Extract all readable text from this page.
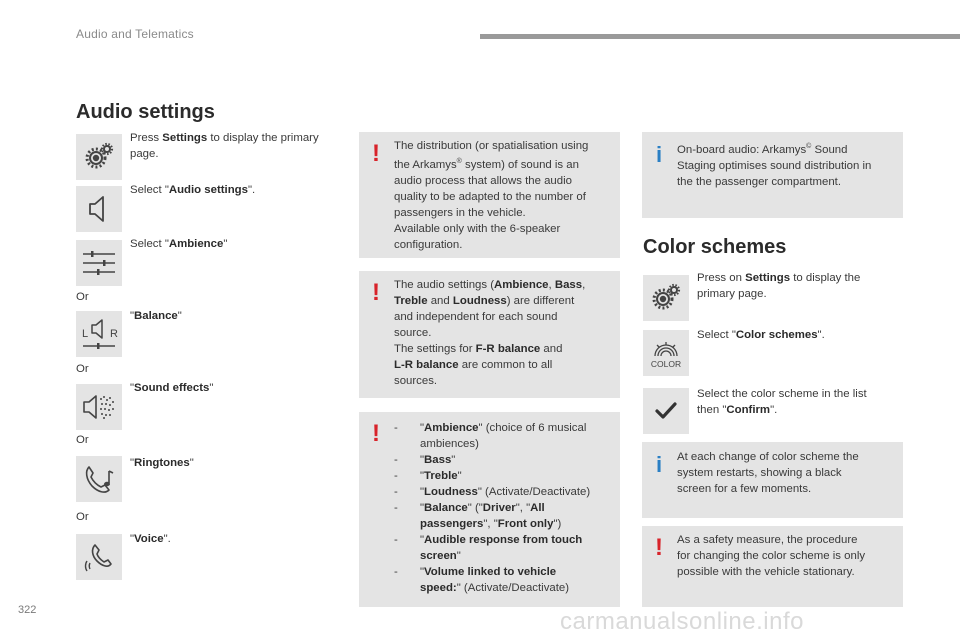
Audio and Telematics
Audio settings
Press Settings to display the primary page.
Select "Audio settings".
Select "Ambience"
Or
L R
"Balance"
Or
"Sound effects"
Or
"Ringtones"
Or
"Voice".
! The distribution (or spatialisation using
the Arkamys® system) of sound is an
audio process that allows the audio
quality to be adapted to the number of
passengers in the vehicle.
Available only with the 6-speaker
configuration.
! The audio settings (Ambience, Bass,
Treble and Loudness) are different
and independent for each sound
source.
The settings for F-R balance and
L-R balance are common to all
sources.
! - "Ambience" (choice of 6 musical
ambiences)
- "Bass"
- "Treble"
- "Loudness" (Activate/Deactivate)
- "Balance" ("Driver", "All
passengers", "Front only")
- "Audible response from touch
screen"
- "Volume linked to vehicle
speed:" (Activate/Deactivate)
i On-board audio: Arkamys© Sound
Staging optimises sound distribution in
the the passenger compartment.
Color schemes
Press on Settings to display the
primary page.
COLOR
Select "Color schemes".
Select the color scheme in the list
then "Confirm".
i At each change of color scheme the
system restarts, showing a black
screen for a few moments.
! As a safety measure, the procedure
for changing the color scheme is only
possible with the vehicle stationary.
322	carmanualsonline.info
